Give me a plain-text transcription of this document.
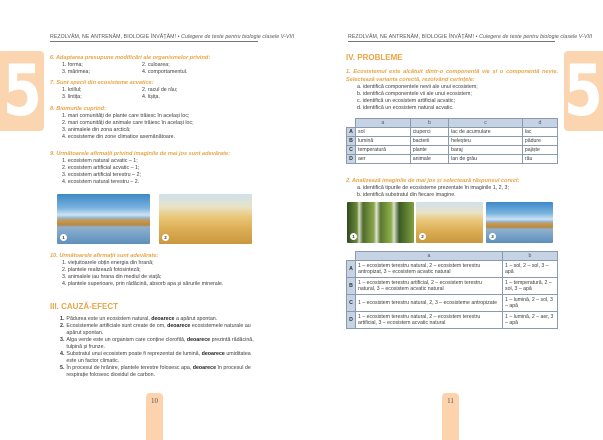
REZOLVĂM, NE ANTRENĂM, BIOLOGIE ÎNVĂȚĂM! • Culegere de teste pentru biologie clasele V-VIII
5 6. Adaptarea presupune modificări ale organismelor privind:
1. forma;	2. culoarea;
3. mărimea;	4. comportamentul.
7. Sunt specii din ecosisteme acvatice:
1. krillul;	2. racul de râu;
3. lintița;	4. lișița.
8. Biomurile cuprind:
1. mari comunități de plante care trăiesc în același loc;
2. mari comunități de animale care trăiesc în același loc;
3. animalele din zona arctică;
4. ecosisteme din zone climatice asemănătoare.
9. Următoarele afirmații privind imaginile de mai jos sunt adevărate:
1. ecosistem natural acvatic – 1;
2. ecosistem artificial acvatic – 1;
3. ecosistem artificial terestru – 2;
4. ecosistem natural terestru – 2.
1	2
10. Următoarele afirmații sunt adevărate:
1. viețuitoarele obțin energia din hrană;
2. plantele realizează fotosinteză;
3. animalele iau hrana din mediul de viață;
4. plantele superioare, prin rădăcină, absorb apa și sărurile minerale.
III. CAUZĂ-EFECT
1. Pădurea este un ecosistem natural, deoarece a apărut spontan.
2. Ecosistemele artificiale sunt create de om, deoarece ecosistemele naturale au apărut spontan.
3. Alga verde este un organism care conține clorofilă, deoarece prezintă rădăcină, tulpină și frunze.
4. Substratul unui ecosistem poate fi reprezentat de lumină, deoarece umiditatea este un factor climatic.
5. În procesul de hrănire, plantele terestre folosesc apa, deoarece în procesul de respirație folosesc dioxidul de carbon.
10
REZOLVĂM, NE ANTRENĂM, BIOLOGIE ÎNVĂȚĂM! • Culegere de teste pentru biologie clasele V-VIII
5
IV. PROBLEME
1. Ecosistemul este alcătuit dintr-o componentă vie și o componentă nevie. Selectează varianta corectă, rezolvând cerințele:
a. identifică componentele nevii ale unui ecosistem;
b. identifică componentele vii ale unui ecosistem;
c. identifică un ecosistem artificial acvatic;
d. identifică un ecosistem natural acvatic.
	a	b	c	d
A	sol	ciuperci	lac de acumulare	lac
B	lumină	bacterii	heleșteu	pădure
C	temperatură	plante	baraj	pajiște
D	aer	animale	lan de grâu	râu
2. Analizează imaginile de mai jos și selectează răspunsul corect:
a. identifică tipurile de ecosisteme prezentate în imaginile 1, 2, 3;
b. identifică substratul din fiecare imagine.
1	2	3
	a	b
A	1 – ecosistem terestru natural, 2 – ecosistem terestru antropizat, 3 – ecosistem acvatic natural	1 – sol, 2 – sol, 3 – apă
B	1 – ecosistem terestru artificial, 2 – ecosistem terestru natural, 3 – ecosistem acvatic natural	1 – temperatură, 2 – sol, 3 – apă
C	1 – ecosistem terestru natural, 2, 3 – ecosisteme antropizate	1 – lumină, 2 – sol, 3 – apă
D	1 – ecosistem terestru natural, 2 – ecosistem terestru artificial, 3 – ecosistem acvatic natural	1 – lumină, 2 – aer, 3 – apă
11
